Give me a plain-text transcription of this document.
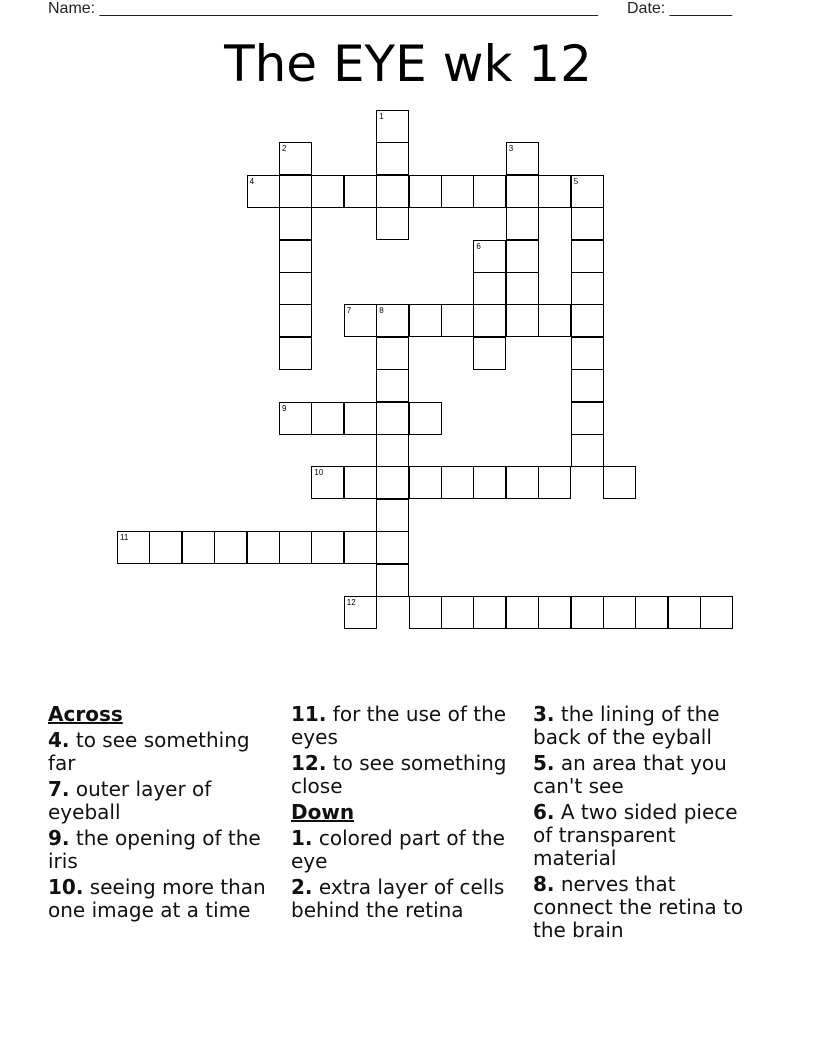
Name: ________________________________________________________ Date: _______
The EYE wk 12
1
2	3
4	5
6
7	8
9
10
11
12
Across
4. to see something far
7. outer layer of eyeball
9. the opening of the iris
10. seeing more than one image at a time
11. for the use of the eyes
12. to see something close
Down
1. colored part of the eye
2. extra layer of cells behind the retina
3. the lining of the back of the eyball
5. an area that you can't see
6. A two sided piece of transparent material
8. nerves that connect the retina to the brain
